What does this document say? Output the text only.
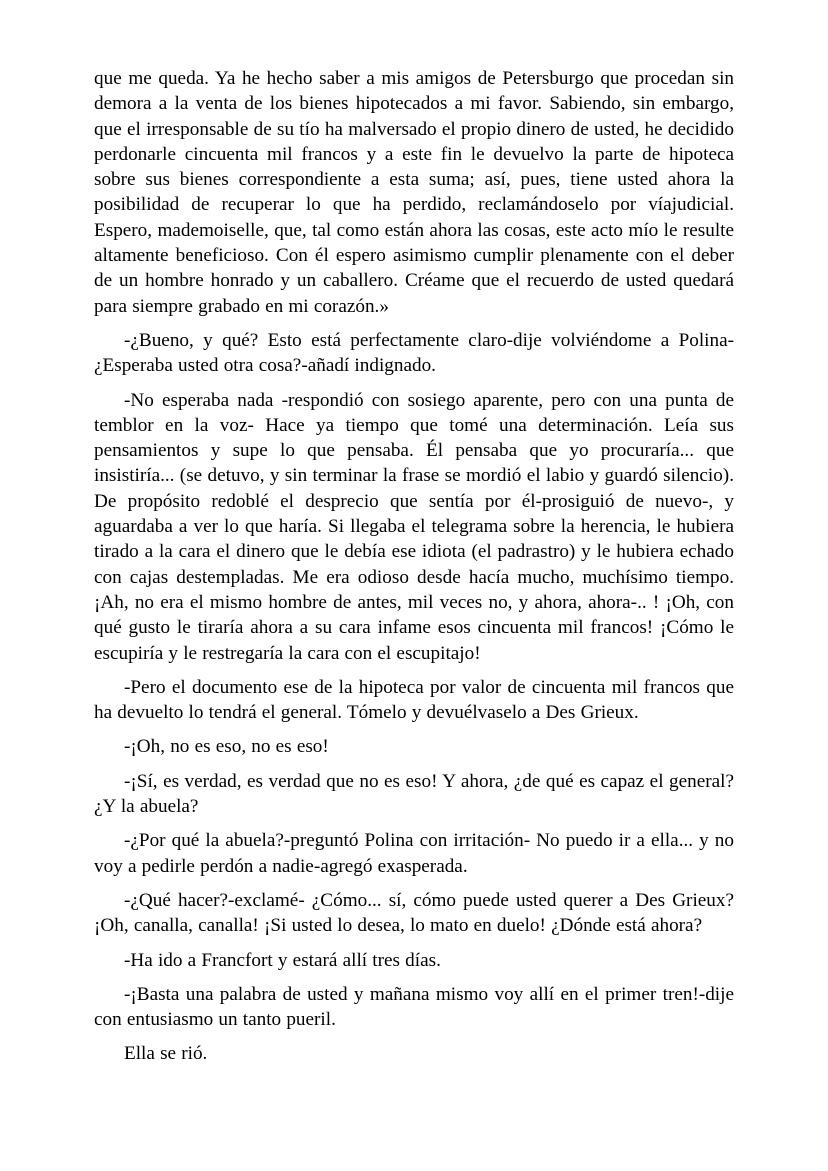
que me queda. Ya he hecho saber a mis amigos de Petersburgo que procedan sin demora a la venta de los bienes hipotecados a mi favor. Sabiendo, sin embargo, que el irresponsable de su tío ha malversado el propio dinero de usted, he decidido perdonarle cincuenta mil francos y a este fin le devuelvo la parte de hipoteca sobre sus bienes correspondiente a esta suma; así, pues, tiene usted ahora la posibilidad de recuperar lo que ha perdido, reclamándoselo por víajudicial. Espero, mademoiselle, que, tal como están ahora las cosas, este acto mío le resulte altamente beneficioso. Con él espero asimismo cumplir plenamente con el deber de un hombre honrado y un caballero. Créame que el recuerdo de usted quedará para siempre grabado en mi corazón.»

-¿Bueno, y qué? Esto está perfectamente claro-dije volviéndome a Polina- ¿Esperaba usted otra cosa?-añadí indignado.

-No esperaba nada -respondió con sosiego aparente, pero con una punta de temblor en la voz- Hace ya tiempo que tomé una determinación. Leía sus pensamientos y supe lo que pensaba. Él pensaba que yo procuraría... que insistiría... (se detuvo, y sin terminar la frase se mordió el labio y guardó silencio). De propósito redoblé el desprecio que sentía por él-prosiguió de nuevo-, y aguardaba a ver lo que haría. Si llegaba el telegrama sobre la herencia, le hubiera tirado a la cara el dinero que le debía ese idiota (el padrastro) y le hubiera echado con cajas destempladas. Me era odioso desde hacía mucho, muchísimo tiempo. ¡Ah, no era el mismo hombre de antes, mil veces no, y ahora, ahora-.. ! ¡Oh, con qué gusto le tiraría ahora a su cara infame esos cincuenta mil francos! ¡Cómo le escupiría y le restregaría la cara con el escupitajo!

-Pero el documento ese de la hipoteca por valor de cincuenta mil francos que ha devuelto lo tendrá el general. Tómelo y devuélvaselo a Des Grieux.

-¡Oh, no es eso, no es eso!

-¡Sí, es verdad, es verdad que no es eso! Y ahora, ¿de qué es capaz el general? ¿Y la abuela?

-¿Por qué la abuela?-preguntó Polina con irritación- No puedo ir a ella... y no voy a pedirle perdón a nadie-agregó exasperada.

-¿Qué hacer?-exclamé- ¿Cómo... sí, cómo puede usted querer a Des Grieux? ¡Oh, canalla, canalla! ¡Si usted lo desea, lo mato en duelo! ¿Dónde está ahora?

-Ha ido a Francfort y estará allí tres días.

-¡Basta una palabra de usted y mañana mismo voy allí en el primer tren!-dije con entusiasmo un tanto pueril.

Ella se rió.
